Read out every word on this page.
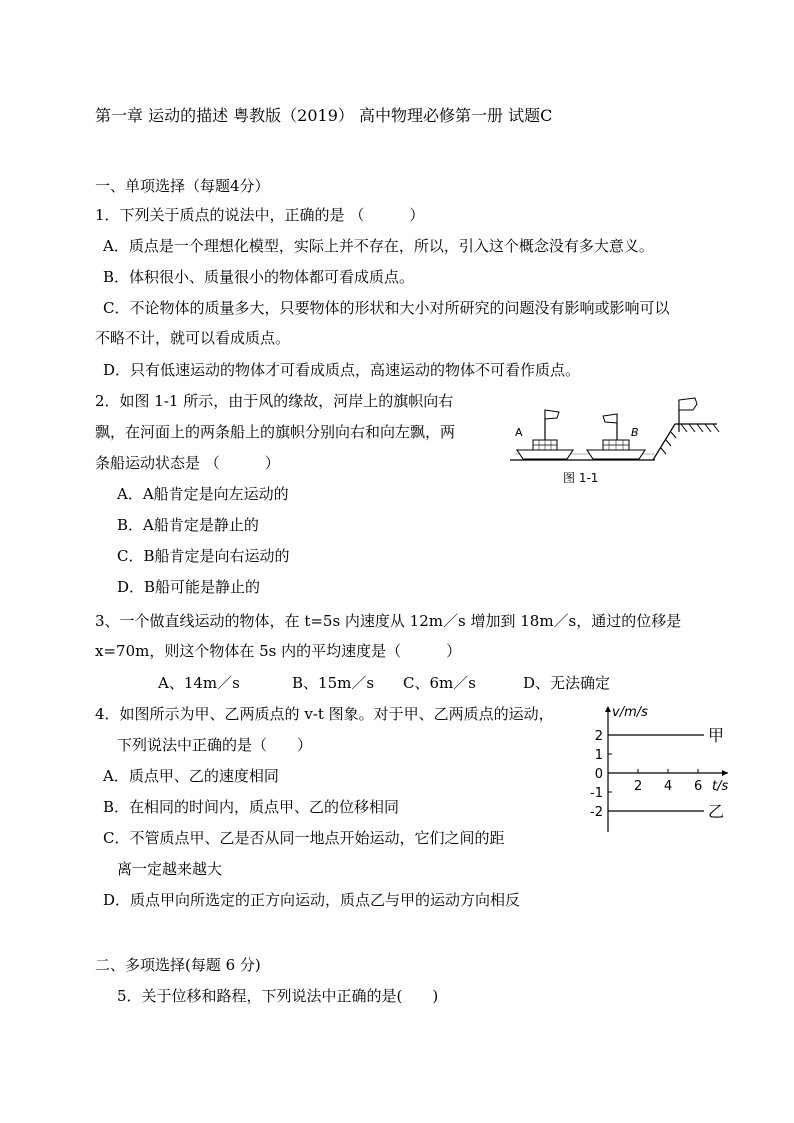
第一章 运动的描述 粤教版（2019） 高中物理必修第一册 试题C
一、单项选择（每题4分）
1．下列关于质点的说法中，正确的是 （　　　）
A．质点是一个理想化模型，实际上并不存在，所以，引入这个概念没有多大意义。
B．体积很小、质量很小的物体都可看成质点。
C．不论物体的质量多大，只要物体的形状和大小对所研究的问题没有影响或影响可以
不略不计，就可以看成质点。
D．只有低速运动的物体才可看成质点，高速运动的物体不可看作质点。
2．如图 1-1 所示，由于风的缘故，河岸上的旗帜向右
飘，在河面上的两条船上的旗帜分别向右和向左飘，两
条船运动状态是 （　　　）
A．A船肯定是向左运动的
B．A船肯定是静止的
C．B船肯定是向右运动的
D．B船可能是静止的
A	B
图 1-1
3、一个做直线运动的物体，在 t=5s 内速度从 12m／s 增加到 18m／s，通过的位移是
x=70m，则这个物体在 5s 内的平均速度是（　　　）
A、14m／s	B、15m／s C、6m／s	D、无法确定
4．如图所示为甲、乙两质点的 v-t 图象。对于甲、乙两质点的运动，
下列说法中正确的是（　　）
A．质点甲、乙的速度相同
B．在相同的时间内，质点甲、乙的位移相同
C．不管质点甲、乙是否从同一地点开始运动，它们之间的距
离一定越来越大
D．质点甲向所选定的正方向运动，质点乙与甲的运动方向相反
v/m/s
t/s
2 4 6
2
1
0
-1
-2
甲
乙
二、多项选择(每题 6 分)
5．关于位移和路程，下列说法中正确的是(　　)
